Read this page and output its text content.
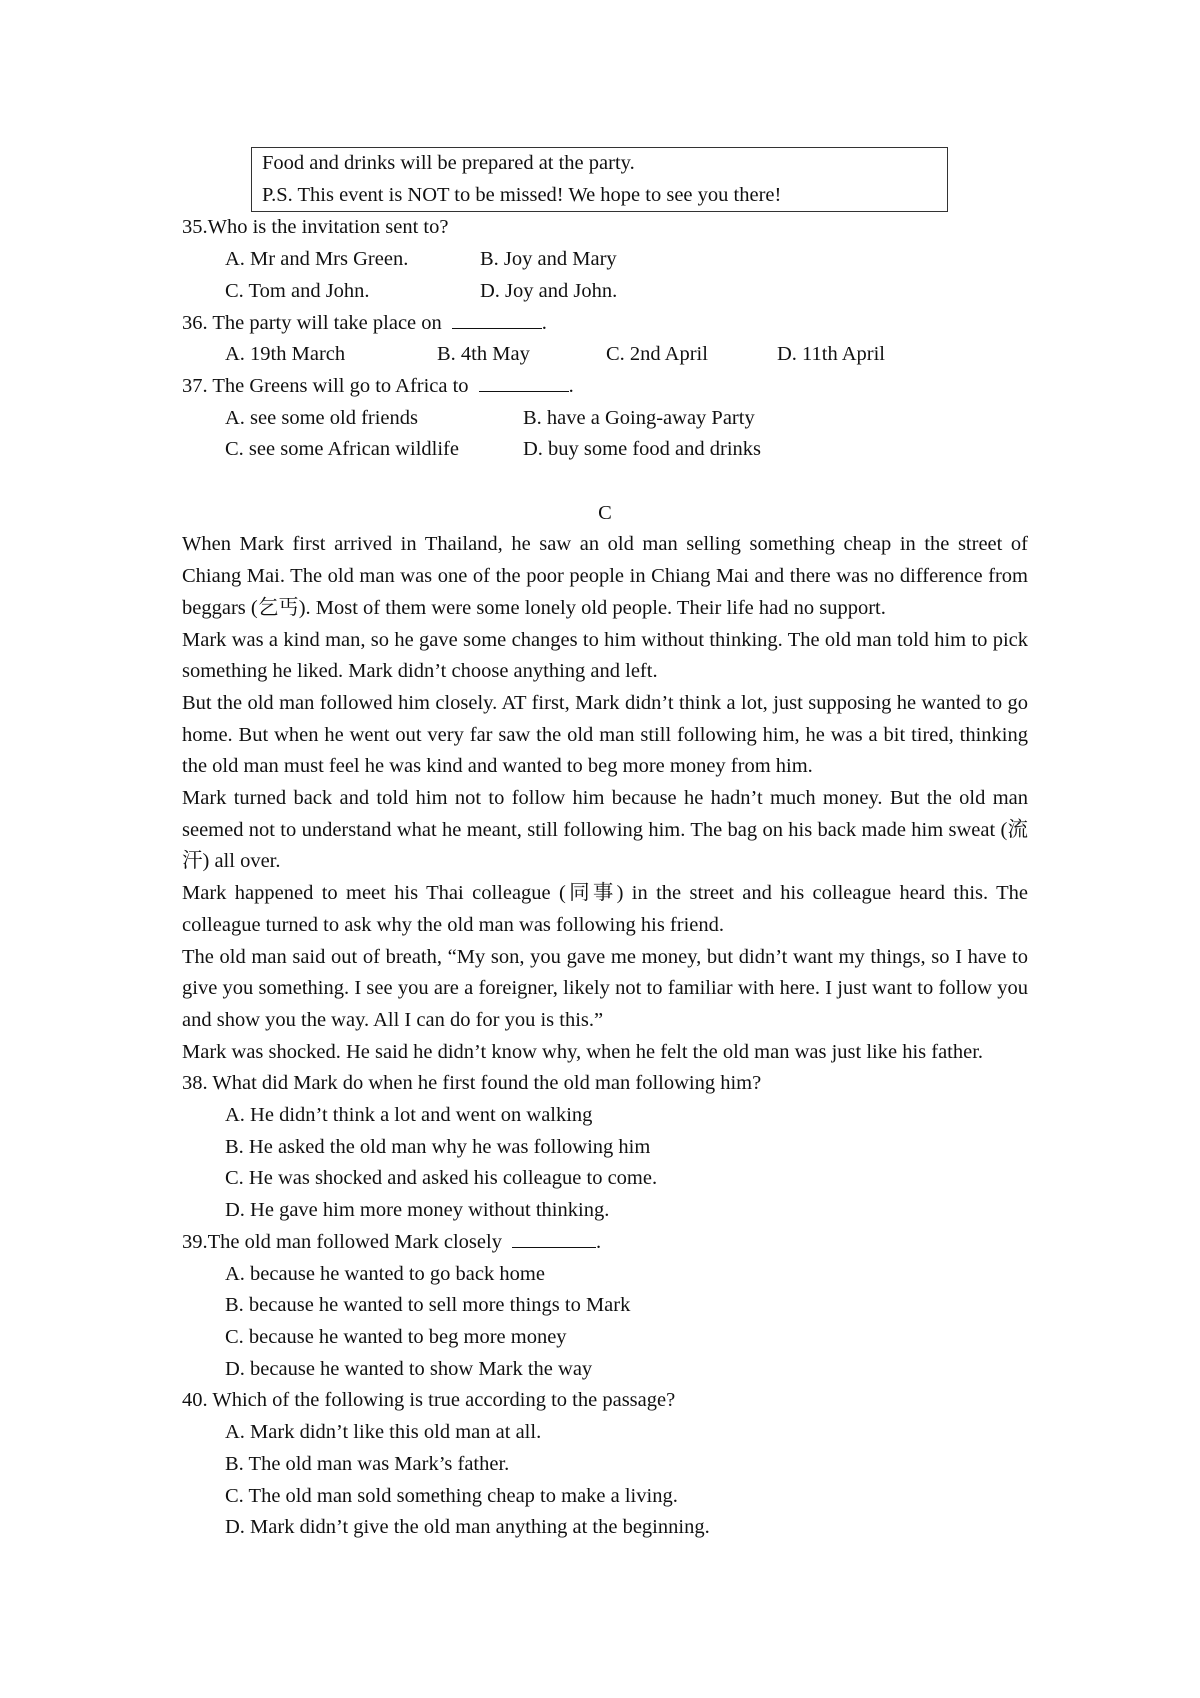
Food and drinks will be prepared at the party.
P.S. This event is NOT to be missed! We hope to see you there!
35.Who is the invitation sent to?
A. Mr and Mrs Green.	B. Joy and Mary
C. Tom and John.	D. Joy and John.
36. The party will take place on	.
A. 19th March	B. 4th May	C. 2nd April	D. 11th April
37. The Greens will go to Africa to	.
A. see some old friends	B. have a Going-away Party
C. see some African wildlife	D. buy some food and drinks
C

When Mark first arrived in Thailand, he saw an old man selling something cheap in the street of Chiang Mai. The old man was one of the poor people in Chiang Mai and there was no difference from beggars (乞丐). Most of them were some lonely old people. Their life had no support.

Mark was a kind man, so he gave some changes to him without thinking. The old man told him to pick something he liked. Mark didn’t choose anything and left.

But the old man followed him closely. AT first, Mark didn’t think a lot, just supposing he wanted to go home. But when he went out very far saw the old man still following him, he was a bit tired, thinking the old man must feel he was kind and wanted to beg more money from him.

Mark turned back and told him not to follow him because he hadn’t much money. But the old man seemed not to understand what he meant, still following him. The bag on his back made him sweat (流汗) all over.

Mark happened to meet his Thai colleague (同事) in the street and his colleague heard this. The colleague turned to ask why the old man was following his friend.

The old man said out of breath, “My son, you gave me money, but didn’t want my things, so I have to give you something. I see you are a foreigner, likely not to familiar with here. I just want to follow you and show you the way. All I can do for you is this.”

Mark was shocked. He said he didn’t know why, when he felt the old man was just like his father.

38. What did Mark do when he first found the old man following him?
A. He didn’t think a lot and went on walking
B. He asked the old man why he was following him
C. He was shocked and asked his colleague to come.
D. He gave him more money without thinking.
39.The old man followed Mark closely	.
A. because he wanted to go back home
B. because he wanted to sell more things to Mark
C. because he wanted to beg more money
D. because he wanted to show Mark the way
40. Which of the following is true according to the passage?
A. Mark didn’t like this old man at all.
B. The old man was Mark’s father.
C. The old man sold something cheap to make a living.
D. Mark didn’t give the old man anything at the beginning.
